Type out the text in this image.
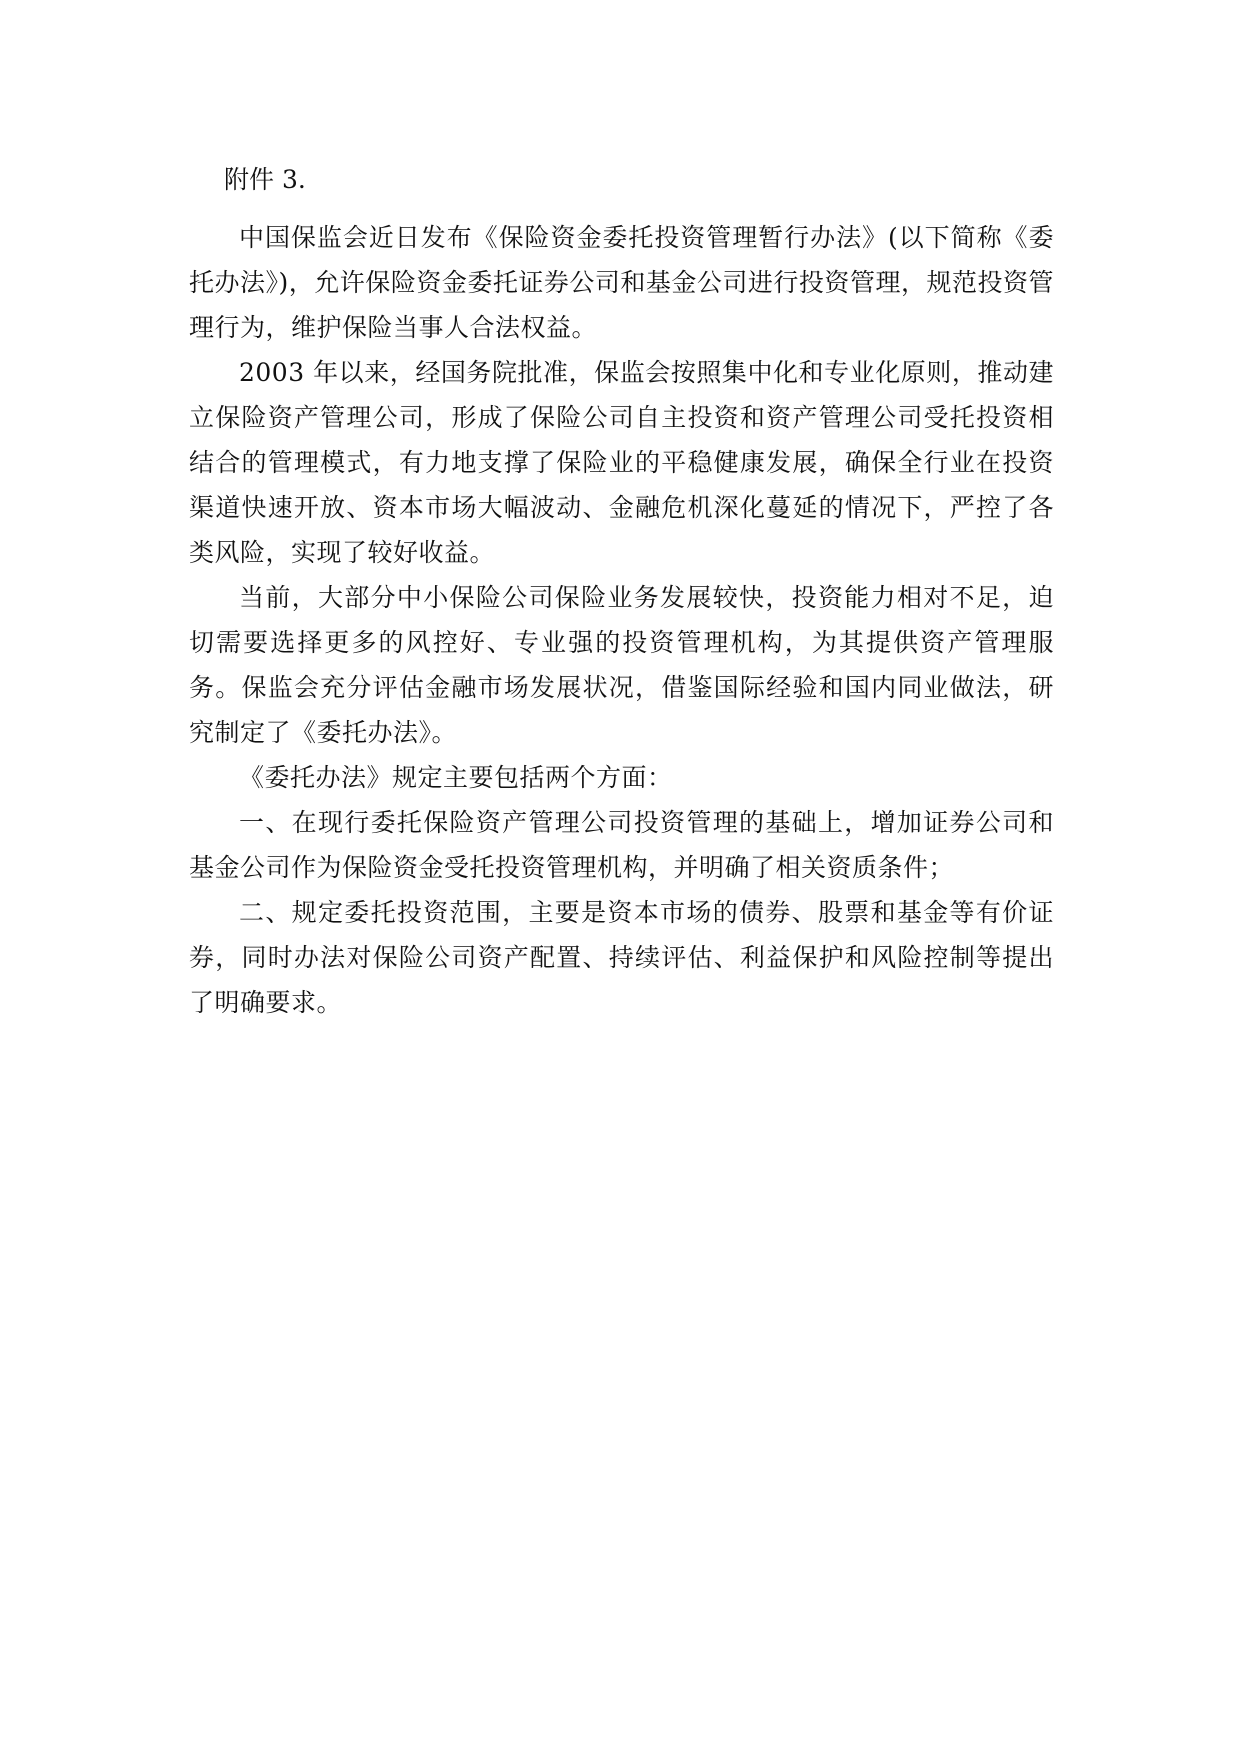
附件 3.

中国保监会近日发布《保险资金委托投资管理暂行办法》(以下简称《委托办法》)，允许保险资金委托证券公司和基金公司进行投资管理，规范投资管理行为，维护保险当事人合法权益。

2003 年以来，经国务院批准，保监会按照集中化和专业化原则，推动建立保险资产管理公司，形成了保险公司自主投资和资产管理公司受托投资相结合的管理模式，有力地支撑了保险业的平稳健康发展，确保全行业在投资渠道快速开放、资本市场大幅波动、金融危机深化蔓延的情况下，严控了各类风险，实现了较好收益。

当前，大部分中小保险公司保险业务发展较快，投资能力相对不足，迫切需要选择更多的风控好、专业强的投资管理机构，为其提供资产管理服务。保监会充分评估金融市场发展状况，借鉴国际经验和国内同业做法，研究制定了《委托办法》。

《委托办法》规定主要包括两个方面：

一、在现行委托保险资产管理公司投资管理的基础上，增加证券公司和基金公司作为保险资金受托投资管理机构，并明确了相关资质条件；

二、规定委托投资范围，主要是资本市场的债券、股票和基金等有价证券，同时办法对保险公司资产配置、持续评估、利益保护和风险控制等提出了明确要求。
